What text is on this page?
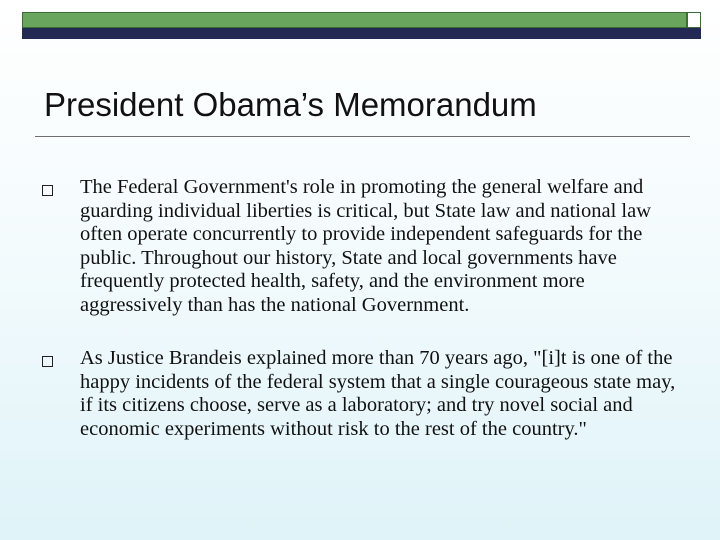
President Obama’s Memorandum

The Federal Government's role in promoting the general welfare and guarding individual liberties is critical, but State law and national law often operate concurrently to provide independent safeguards for the public. Throughout our history, State and local governments have frequently protected health, safety, and the environment more aggressively than has the national Government.

As Justice Brandeis explained more than 70 years ago, "[i]t is one of the happy incidents of the federal system that a single courageous state may, if its citizens choose, serve as a laboratory; and try novel social and economic experiments without risk to the rest of the country."
